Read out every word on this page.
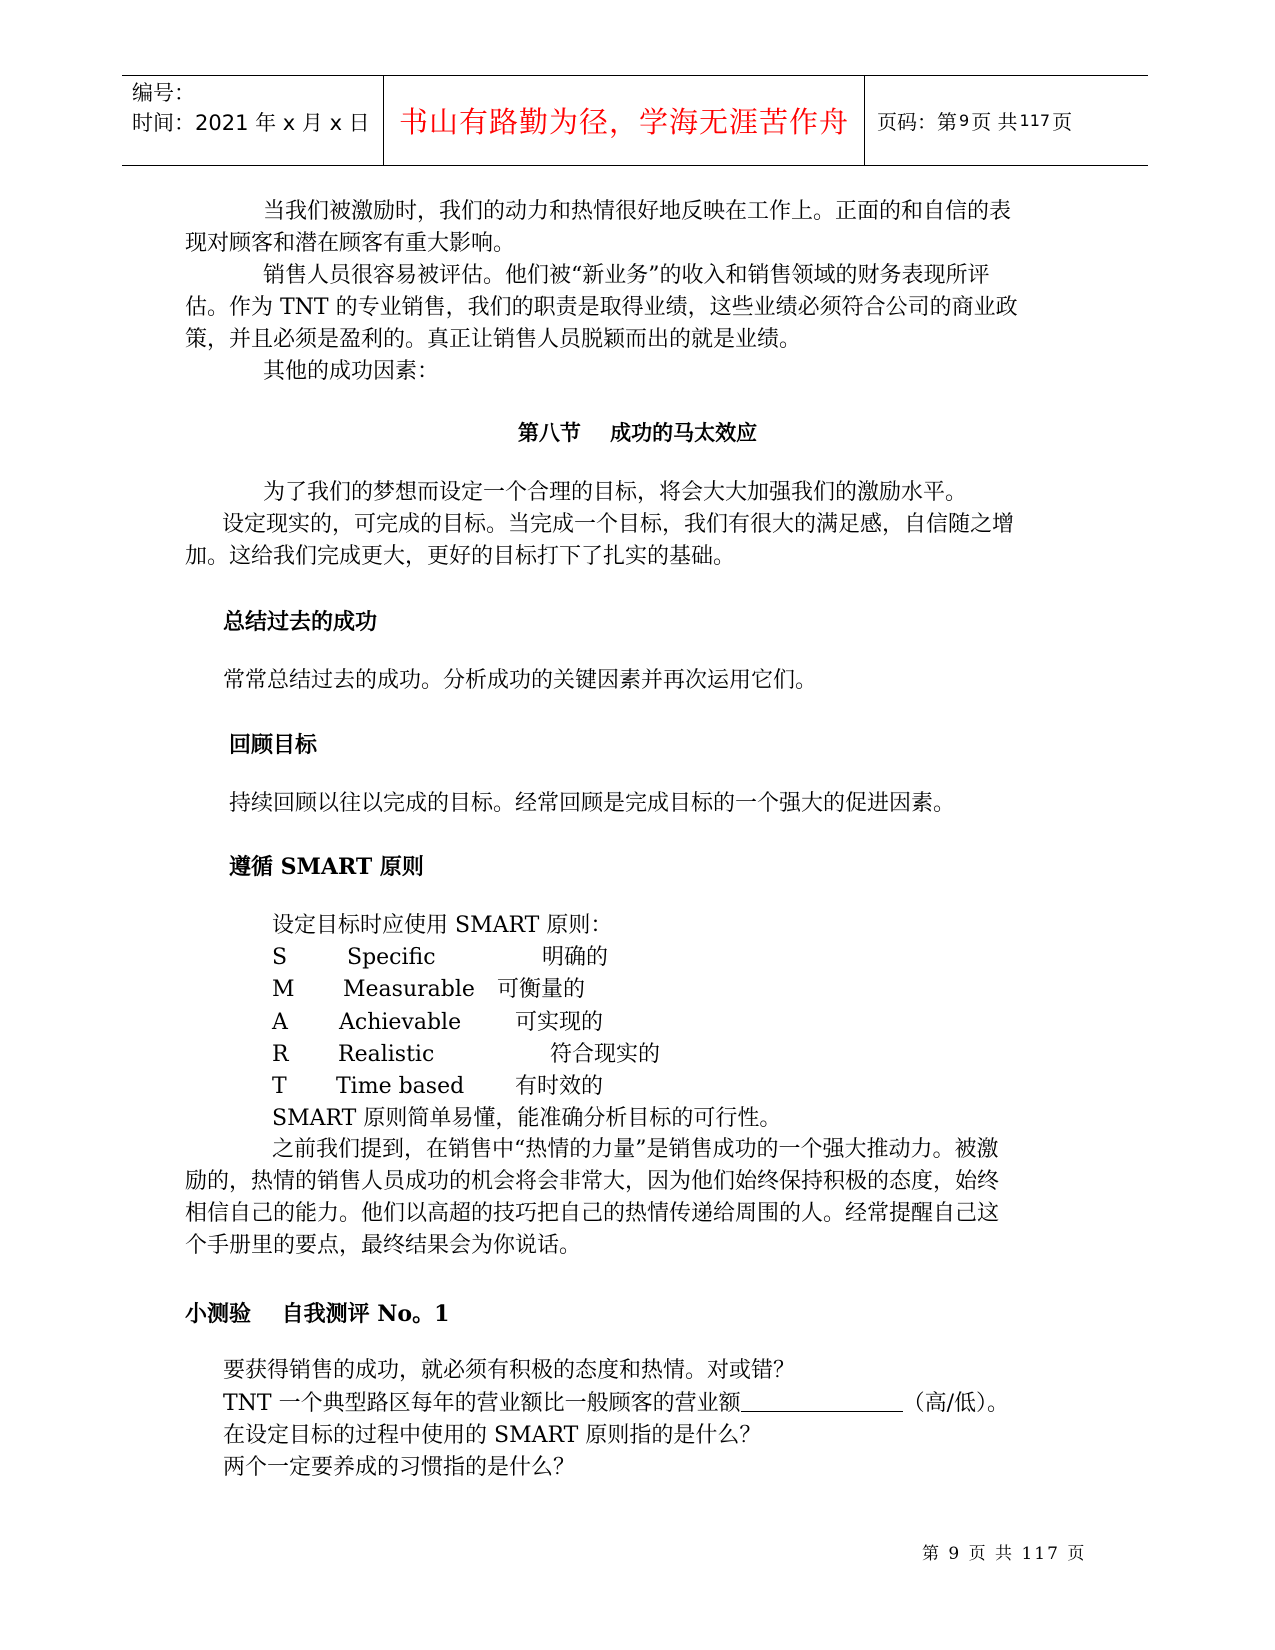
编号：
时间：2021 年 x 月 x 日	书山有路勤为径，学海无涯苦作舟	页码：第 9 页 共 117 页
当我们被激励时，我们的动力和热情很好地反映在工作上。正面的和自信的表
现对顾客和潜在顾客有重大影响。
销售人员很容易被评估。他们被“新业务”的收入和销售领域的财务表现所评
估。作为 TNT 的专业销售，我们的职责是取得业绩，这些业绩必须符合公司的商业政
策，并且必须是盈利的。真正让销售人员脱颖而出的就是业绩。
其他的成功因素：
第八节    成功的马太效应
为了我们的梦想而设定一个合理的目标，将会大大加强我们的激励水平。
设定现实的，可完成的目标。当完成一个目标，我们有很大的满足感，自信随之增
加。这给我们完成更大，更好的目标打下了扎实的基础。
总结过去的成功
常常总结过去的成功。分析成功的关键因素并再次运用它们。
回顾目标
持续回顾以往以完成的目标。经常回顾是完成目标的一个强大的促进因素。
遵循 SMART 原则
设定目标时应使用 SMART 原则：
S	Specific	明确的
M Measurable 可衡量的
A Achievable 可实现的
R Realistic	符合现实的
T Time based 有时效的
SMART 原则简单易懂，能准确分析目标的可行性。
之前我们提到，在销售中“热情的力量”是销售成功的一个强大推动力。被激
励的，热情的销售人员成功的机会将会非常大，因为他们始终保持积极的态度，始终
相信自己的能力。他们以高超的技巧把自己的热情传递给周围的人。经常提醒自己这
个手册里的要点，最终结果会为你说话。
小测验    自我测评 No。1
要获得销售的成功，就必须有积极的态度和热情。对或错？
TNT 一个典型路区每年的营业额比一般顾客的营业额	（高/低）。
在设定目标的过程中使用的 SMART 原则指的是什么？
两个一定要养成的习惯指的是什么？
第 9 页 共 117 页
